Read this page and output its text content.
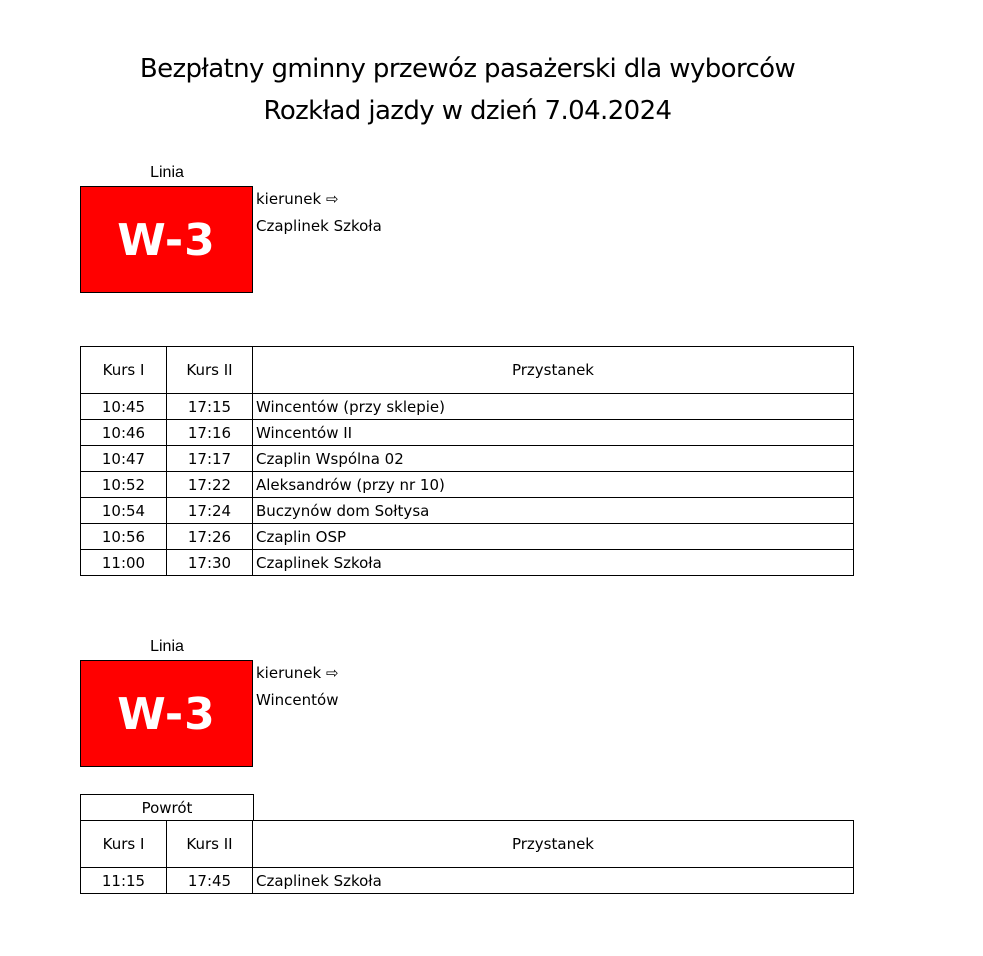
Bezpłatny gminny przewóz pasażerski dla wyborców
Rozkład jazdy w dzień 7.04.2024
Linia
W-3
kierunek ⇨
Czaplinek Szkoła
Kurs I	Kurs II	Przystanek
10:45	17:15	Wincentów (przy sklepie)
10:46	17:16	Wincentów II
10:47	17:17	Czaplin Wspólna 02
10:52	17:22	Aleksandrów (przy nr 10)
10:54	17:24	Buczynów dom Sołtysa
10:56	17:26	Czaplin OSP
11:00	17:30	Czaplinek Szkoła
Linia
W-3
kierunek ⇨
Wincentów
Powrót
Kurs I	Kurs II	Przystanek
11:15	17:45	Czaplinek Szkoła
